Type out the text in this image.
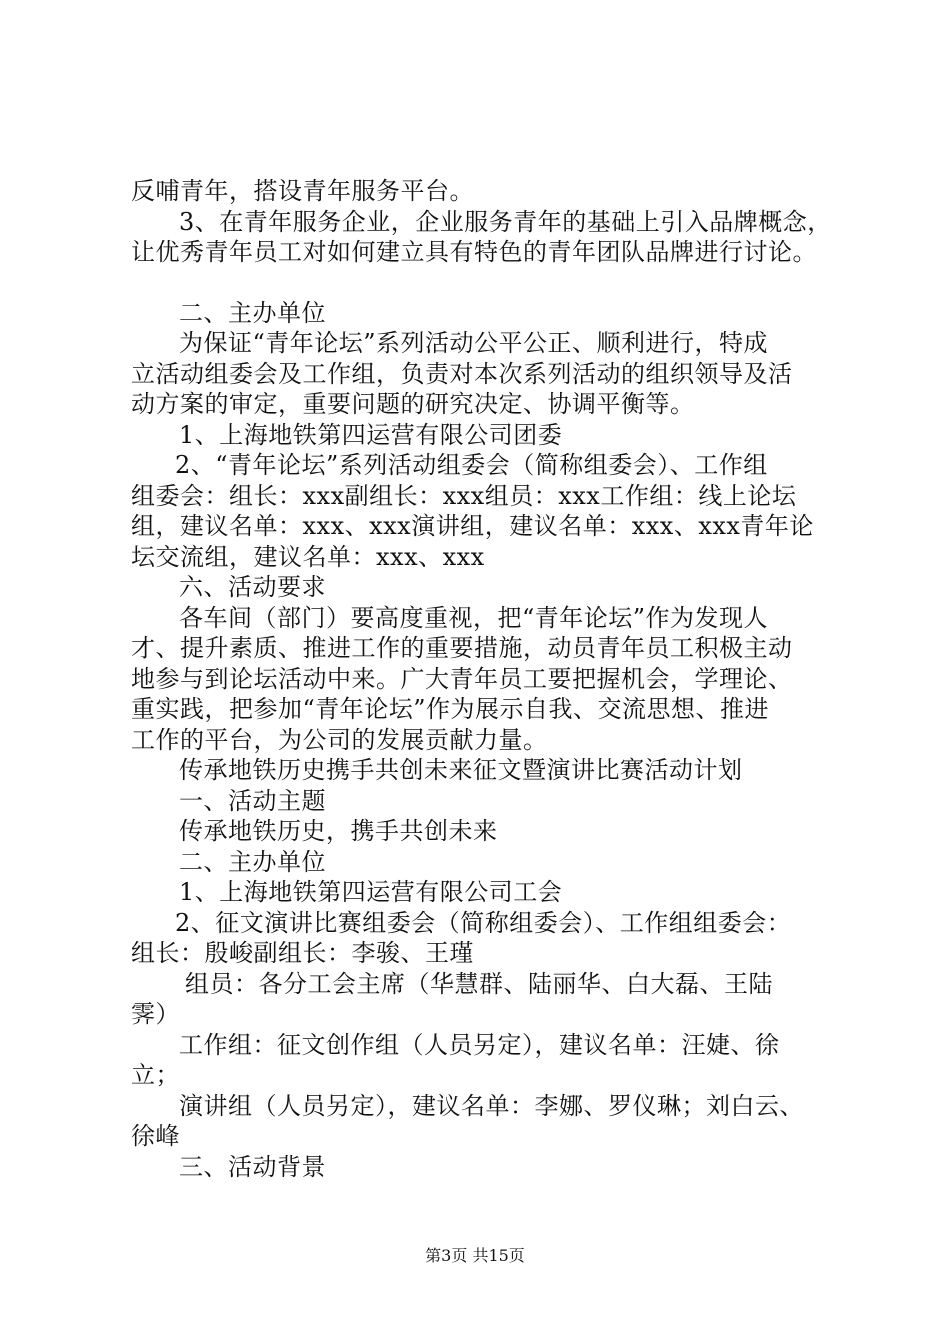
反哺青年，搭设青年服务平台。
3、在青年服务企业，企业服务青年的基础上引入品牌概念，
让优秀青年员工对如何建立具有特色的青年团队品牌进行讨论。
二、主办单位
为保证“青年论坛”系列活动公平公正、顺利进行，特成
立活动组委会及工作组，负责对本次系列活动的组织领导及活
动方案的审定，重要问题的研究决定、协调平衡等。
1、上海地铁第四运营有限公司团委
2、“青年论坛”系列活动组委会（简称组委会）、工作组
组委会：组长：xxx副组长：xxx组员：xxx工作组：线上论坛
组，建议名单：xxx、xxx演讲组，建议名单：xxx、xxx青年论
坛交流组，建议名单：xxx、xxx
六、活动要求
各车间（部门）要高度重视，把“青年论坛”作为发现人
才、提升素质、推进工作的重要措施，动员青年员工积极主动
地参与到论坛活动中来。广大青年员工要把握机会，学理论、
重实践，把参加“青年论坛”作为展示自我、交流思想、推进
工作的平台，为公司的发展贡献力量。
传承地铁历史携手共创未来征文暨演讲比赛活动计划
一、活动主题
传承地铁历史，携手共创未来
二、主办单位
1、上海地铁第四运营有限公司工会
2、征文演讲比赛组委会（简称组委会）、工作组组委会：
组长：殷峻副组长：李骏、王瑾
组员：各分工会主席（华慧群、陆丽华、白大磊、王陆
霁）
工作组：征文创作组（人员另定），建议名单：汪婕、徐
立；
演讲组（人员另定），建议名单：李娜、罗仪琳；刘白云、
徐峰
三、活动背景
第3页 共15页
